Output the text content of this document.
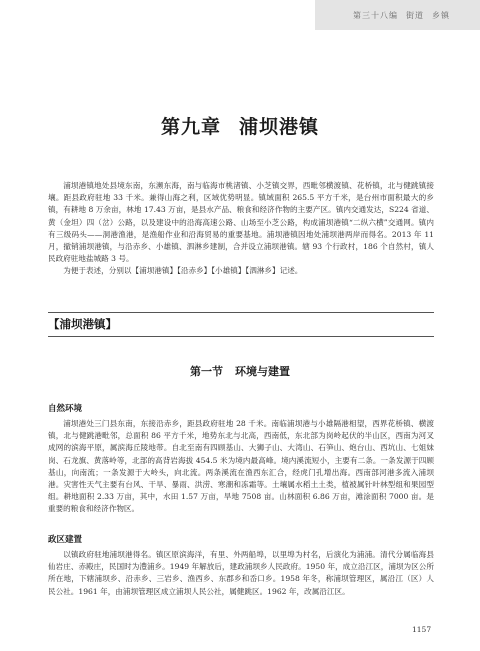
第三十八编 街道 乡镇
第九章 浦坝港镇

浦坝港镇地处县境东南，东濒东海，南与临海市桃渚镇、小芝镇交界，西毗邻横渡镇、花桥镇，北与健跳镇接壤。距县政府驻地 33 千米。兼得山海之利，区域优势明显。镇域面积 265.5 平方千米，是台州市面积最大的乡镇，有耕地 8 万余亩，林地 17.43 万亩，是县水产品、粮食和经济作物的主要产区。镇内交通发达，S224 省道、黄（金坦）四（岔）公路，以及建设中的沿海高速公路、山场至小芝公路，构成浦坝港镇“二纵六横”交通网。镇内有三级码头——洞港渔港，是渔船作业和沿海贸易的重要基地。浦坝港镇因地处浦坝港两岸而得名。2013 年 11 月，撤销浦坝港镇，与沿赤乡、小雄镇、泗淋乡建制，合并设立浦坝港镇。辖 93 个行政村，186 个自然村，镇人民政府驻地盐城路 3 号。

为便于表述，分别以【浦坝港镇】【沿赤乡】【小雄镇】【泗淋乡】记述。

【浦坝港镇】
第一节 环境与建置
自然环境

浦坝港处三门县东南，东接沿赤乡，距县政府驻地 28 千米。南临浦坝港与小雄隔港相望，西界花桥镇、横渡镇，北与健跳港毗邻，总面积 86 平方千米，地势东北与北高，西南低，东北部为岗岭起伏的半山区，西南为河叉成网的滨海平原，属滨海丘陵地带。自北至南有四顾基山、大狮子山、大湾山、石笋山、炮台山、西坑山、七姐妹岗、石龙旗、黄落岭等，北部的高背岩海拔 454.5 米为境内最高峰。境内溪流短小，主要有二条。一条发源于四顾基山，向南流；一条发源于大岭头，向北流。两条溪流在渔西东汇合，经虎门孔增出海。西南部河港多流入浦坝港。灾害性天气主要有台风、干旱、暴雨、洪涝、寒潮和冻霜等。土壤属水稻土土类，植被属针叶林型组和果园型组。耕地面积 2.33 万亩，其中，水田 1.57 万亩，旱地 7508 亩。山林面积 6.86 万亩，滩涂面积 7000 亩。是重要的粮食和经济作物区。

政区建置

以镇政府驻地浦坝港得名。镇区原滨海洋，有里、外两船埠，以里埠为村名，后演化为浦浦。清代分属临海县仙岩庄、赤殿庄，民国时为澧浦乡。1949 年解放后，建政浦坝乡人民政府。1950 年，成立沿江区，浦坝为区公所所在地，下辖浦坝乡、沿赤乡、三岩乡、渔西乡、东郡乡和岙口乡。1958 年冬，称浦坝管理区，属沿江（区）人民公社。1961 年，由浦坝管理区成立浦坝人民公社，属健跳区。1962 年，改属沿江区。

1157
